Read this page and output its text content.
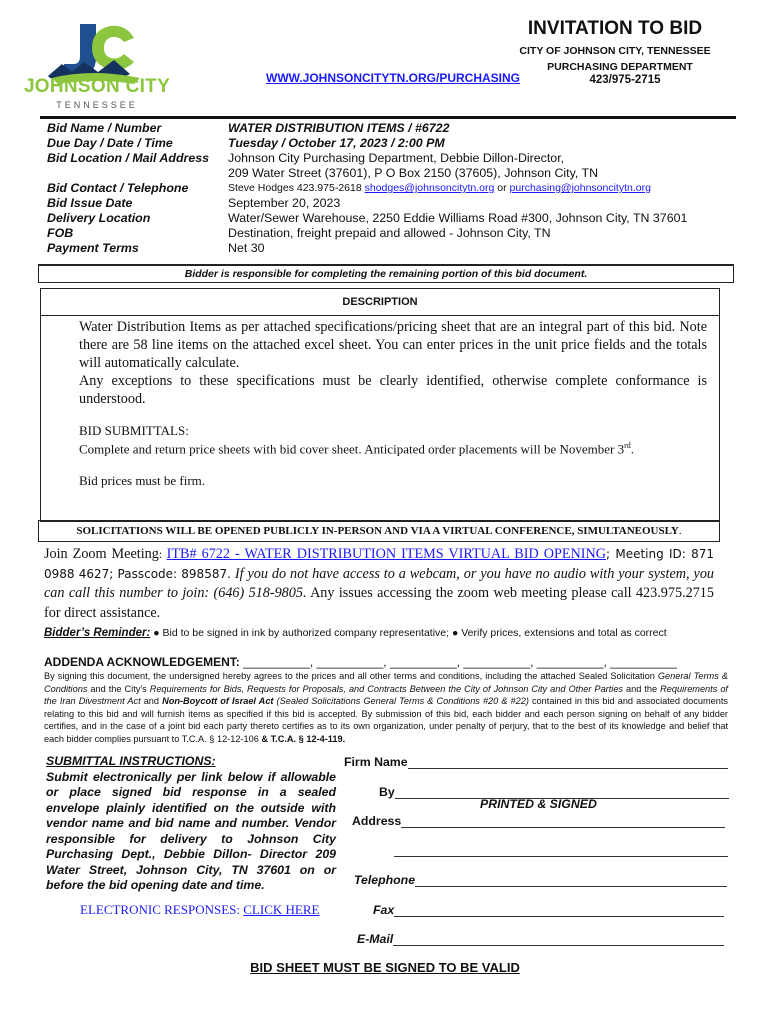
JOHNSON CITY
TENNESSEE
INVITATION TO BID
CITY OF JOHNSON CITY, TENNESSEE
PURCHASING DEPARTMENT
423/975-2715
WWW.JOHNSONCITYTN.ORG/PURCHASING
Bid Name / Number
Due Day / Date / Time
Bid Location / Mail Address
Bid Contact / Telephone
Bid Issue Date
Delivery Location
FOB
Payment Terms
WATER DISTRIBUTION ITEMS / #6722
Tuesday / October 17, 2023 / 2:00 PM
Johnson City Purchasing Department, Debbie Dillon-Director,
209 Water Street (37601), P O Box 2150 (37605), Johnson City, TN
Steve Hodges 423.975-2618 shodges@johnsoncitytn.org or purchasing@johnsoncitytn.org
September 20, 2023
Water/Sewer Warehouse, 2250 Eddie Williams Road #300, Johnson City, TN 37601
Destination, freight prepaid and allowed - Johnson City, TN
Net 30
Bidder is responsible for completing the remaining portion of this bid document.
DESCRIPTION
Water Distribution Items as per attached specifications/pricing sheet that are an integral part of this bid. Note there are 58 line items on the attached excel sheet. You can enter prices in the unit price fields and the totals will automatically calculate.
Any exceptions to these specifications must be clearly identified, otherwise complete conformance is understood.
BID SUBMITTALS:
Complete and return price sheets with bid cover sheet. Anticipated order placements will be November 3rd.
Bid prices must be firm.
SOLICITATIONS WILL BE OPENED PUBLICLY IN-PERSON AND VIA A VIRTUAL CONFERENCE, SIMULTANEOUSLY.
Join Zoom Meeting: ITB# 6722 - WATER DISTRIBUTION ITEMS VIRTUAL BID OPENING; Meeting ID: 871 0988 4627; Passcode: 898587. If you do not have access to a webcam, or you have no audio with your system, you can call this number to join: (646) 518-9805. Any issues accessing the zoom web meeting please call 423.975.2715 for direct assistance.
Bidder’s Reminder: ● Bid to be signed in ink by authorized company representative; ● Verify prices, extensions and total as correct
ADDENDA ACKNOWLEDGEMENT: __________, __________, __________, __________, __________, __________
By signing this document, the undersigned hereby agrees to the prices and all other terms and conditions, including the attached Sealed Solicitation General Terms & Conditions and the City's Requirements for Bids, Requests for Proposals, and Contracts Between the City of Johnson City and Other Parties and the Requirements of the Iran Divestment Act and Non-Boycott of Israel Act (Sealed Solicitations General Terms & Conditions #20 & #22) contained in this bid and associated documents relating to this bid and will furnish items as specified if this bid is accepted. By submission of this bid, each bidder and each person signing on behalf of any bidder certifies, and in the case of a joint bid each party thereto certifies as to its own organization, under penalty of perjury, that to the best of its knowledge and belief that each bidder complies pursuant to T.C.A. § 12-12-106 & T.C.A. § 12-4-119.
SUBMITTAL INSTRUCTIONS:
Submit electronically per link below if allowable or place signed bid response in a sealed envelope plainly identified on the outside with vendor name and bid name and number. Vendor responsible for delivery to Johnson City Purchasing Dept., Debbie Dillon- Director 209 Water Street, Johnson City, TN 37601 on or before the bid opening date and time.
ELECTRONIC RESPONSES: CLICK HERE
Firm Name
By
PRINTED & SIGNED
Address
Telephone
Fax
E-Mail
BID SHEET MUST BE SIGNED TO BE VALID
